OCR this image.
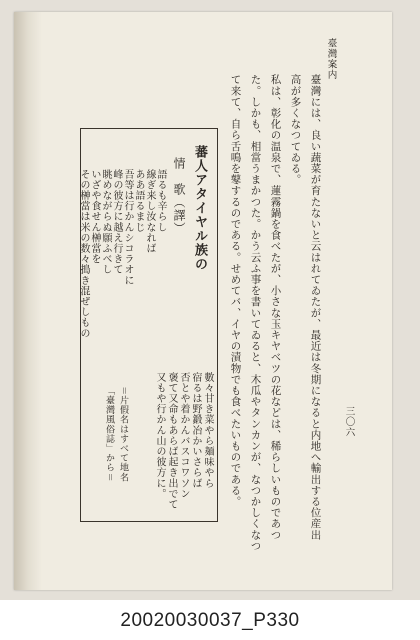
臺灣案内
三〇六
臺灣には、良い蔬菜が育たないと云はれてゐたが、最近は冬期になると内地へ輸出する位産出
高が多くなつてゐる。
私は、彰化の温泉で、蓮霧鍋を食べたが、小さな玉キヤベツの花などは、稀らしいものであつ
た。しかも、相當うまかつた。かう云ふ事を書いてゐると、木瓜やタンカンが、なつかしくなつ
て来て、自ら舌鳴を鼕するのである。せめてバ、イヤの漬物でも食べたいものである。
蕃人アタイヤル族の
情　歌（譯）
語るも辛らし
線ぎ来し汝なれば
ああ語るまじ
吾等は行かんシコラオに
峰の彼方に越え行きて
眺めながらぬ願ふべし
いざや食せん榊當を
その榊當は米の数々搗き混ぜしもの
數々甘き菜やら麺味やら
宿るは野鍛冶かいさらば
否とや着かんバスコワソン
褒て又命もあらば起き出でて
又もや行かん山の彼方に。
＝片假名はすべて地名
「臺灣風俗誌」から＝
20020030037_P330
